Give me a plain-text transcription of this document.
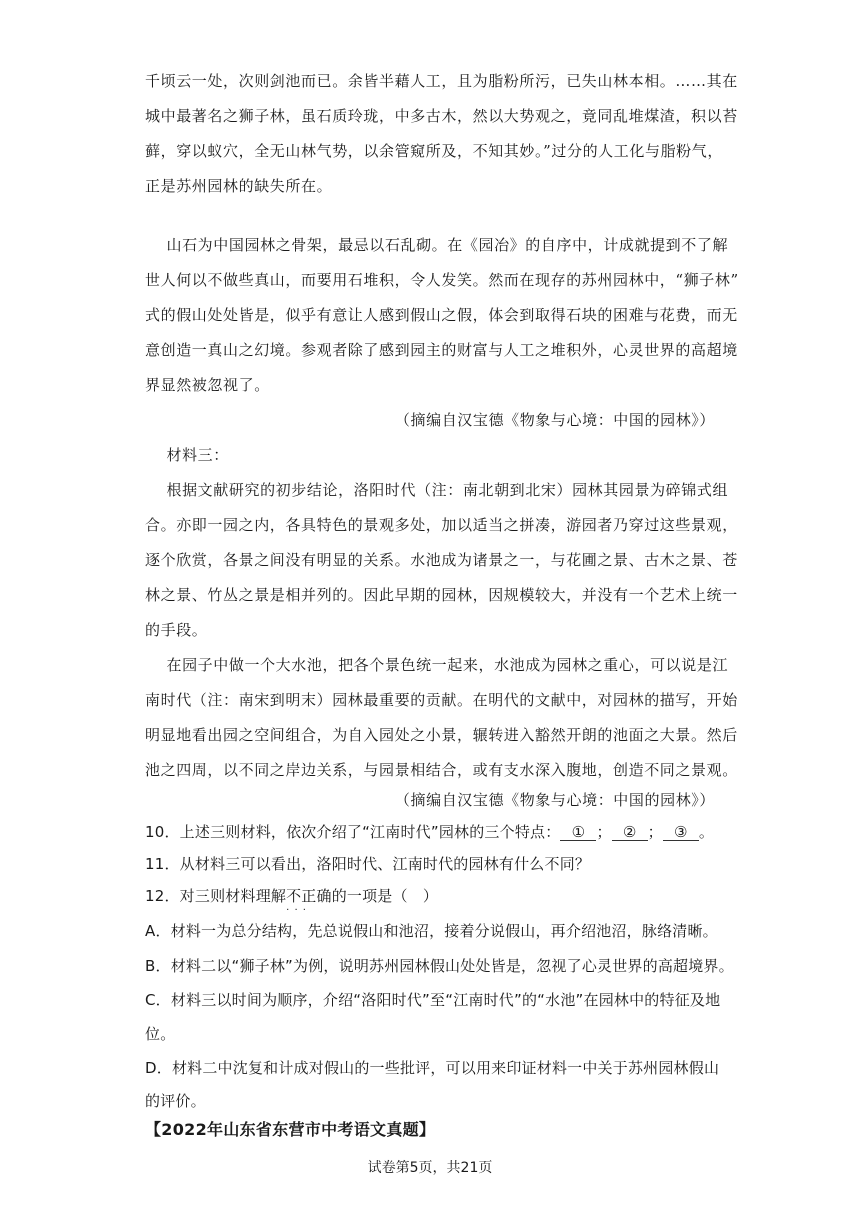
千顷云一处，次则剑池而已。余皆半藉人工，且为脂粉所污，已失山林本相。……其在
城中最著名之狮子林，虽石质玲珑，中多古木，然以大势观之，竟同乱堆煤渣，积以苔
藓，穿以蚁穴，全无山林气势，以余管窥所及，不知其妙。”过分的人工化与脂粉气，
正是苏州园林的缺失所在。
山石为中国园林之骨架，最忌以石乱砌。在《园冶》的自序中，计成就提到不了解
世人何以不做些真山，而要用石堆积，令人发笑。然而在现存的苏州园林中，“狮子林”
式的假山处处皆是，似乎有意让人感到假山之假，体会到取得石块的困难与花费，而无
意创造一真山之幻境。参观者除了感到园主的财富与人工之堆积外，心灵世界的高超境
界显然被忽视了。
（摘编自汉宝德《物象与心境：中国的园林》）
材料三：
根据文献研究的初步结论，洛阳时代（注：南北朝到北宋）园林其园景为碎锦式组
合。亦即一园之内，各具特色的景观多处，加以适当之拼凑，游园者乃穿过这些景观，
逐个欣赏，各景之间没有明显的关系。水池成为诸景之一，与花圃之景、古木之景、苍
林之景、竹丛之景是相并列的。因此早期的园林，因规模较大，并没有一个艺术上统一
的手段。
在园子中做一个大水池，把各个景色统一起来，水池成为园林之重心，可以说是江
南时代（注：南宋到明末）园林最重要的贡献。在明代的文献中，对园林的描写，开始
明显地看出园之空间组合，为自入园处之小景，辗转进入豁然开朗的池面之大景。然后
池之四周，以不同之岸边关系，与园景相结合，或有支水深入腹地，创造不同之景观。
（摘编自汉宝德《物象与心境：中国的园林》）
10．上述三则材料，依次介绍了“江南时代”园林的三个特点： ① ； ② ； ③ 。
11．从材料三可以看出，洛阳时代、江南时代的园林有什么不同？
12．对三则材料理解不正确 · · ·的一项是（　）
A．材料一为总分结构，先总说假山和池沼，接着分说假山，再介绍池沼，脉络清晰。
B．材料二以“狮子林”为例，说明苏州园林假山处处皆是，忽视了心灵世界的高超境界。
C．材料三以时间为顺序，介绍“洛阳时代”至“江南时代”的“水池”在园林中的特征及地
位。
D．材料二中沈复和计成对假山的一些批评，可以用来印证材料一中关于苏州园林假山
的评价。
【2022年山东省东营市中考语文真题】
试卷第5页，共21页
